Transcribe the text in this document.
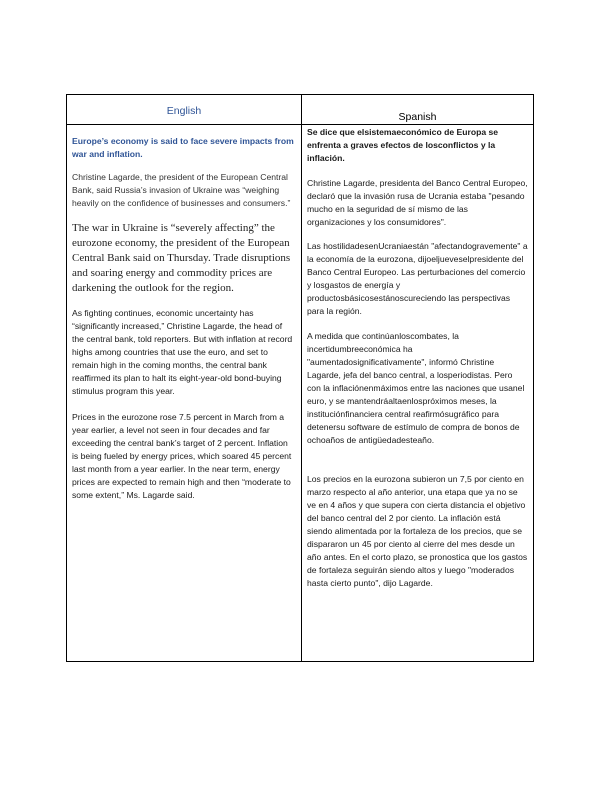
English

Europe’s economy is said to face severe impacts from war and inflation.

Christine Lagarde, the president of the European Central Bank, said Russia’s invasion of Ukraine was “weighing heavily on the confidence of businesses and consumers.”

The war in Ukraine is “severely affecting” the eurozone economy, the president of the European Central Bank said on Thursday. Trade disruptions and soaring energy and commodity prices are darkening the outlook for the region.

As fighting continues, economic uncertainty has “significantly increased,” Christine Lagarde, the head of the central bank, told reporters. But with inflation at record highs among countries that use the euro, and set to remain high in the coming months, the central bank reaffirmed its plan to halt its eight-year-old bond-buying stimulus program this year.

Prices in the eurozone rose 7.5 percent in March from a year earlier, a level not seen in four decades and far exceeding the central bank’s target of 2 percent. Inflation is being fueled by energy prices, which soared 45 percent last month from a year earlier. In the near term, energy prices are expected to remain high and then “moderate to some extent,” Ms. Lagarde said.

Spanish

Se dice que elsistemaeconómico de Europa se enfrenta a graves efectos de losconflictos y la inflación.

Christine Lagarde, presidenta del Banco Central Europeo, declaró que la invasión rusa de Ucrania estaba "pesando mucho en la seguridad de sí mismo de las organizaciones y los consumidores".

Las hostilidadesenUcraniaestán "afectandogravemente" a la economía de la eurozona, dijoeljueveselpresidente del Banco Central Europeo. Las perturbaciones del comercio y losgastos de energía y productosbásicosestánoscureciendo las perspectivas para la región.

A medida que continúanloscombates, la incertidumbreeconómica ha "aumentadosignificativamente", informó Christine Lagarde, jefa del banco central, a losperiodistas. Pero con la inflaciónenmáximos entre las naciones que usanel euro, y se mantendráaltaenlospróximos meses, la instituciónfinanciera central reafirmósugráfico para detenersu software de estímulo de compra de bonos de ochoaños de antigüedadesteaño.

Los precios en la eurozona subieron un 7,5 por ciento en marzo respecto al año anterior, una etapa que ya no se ve en 4 años y que supera con cierta distancia el objetivo del banco central del 2 por ciento. La inflación está siendo alimentada por la fortaleza de los precios, que se dispararon un 45 por ciento al cierre del mes desde un año antes. En el corto plazo, se pronostica que los gastos de fortaleza seguirán siendo altos y luego "moderados hasta cierto punto", dijo Lagarde.
